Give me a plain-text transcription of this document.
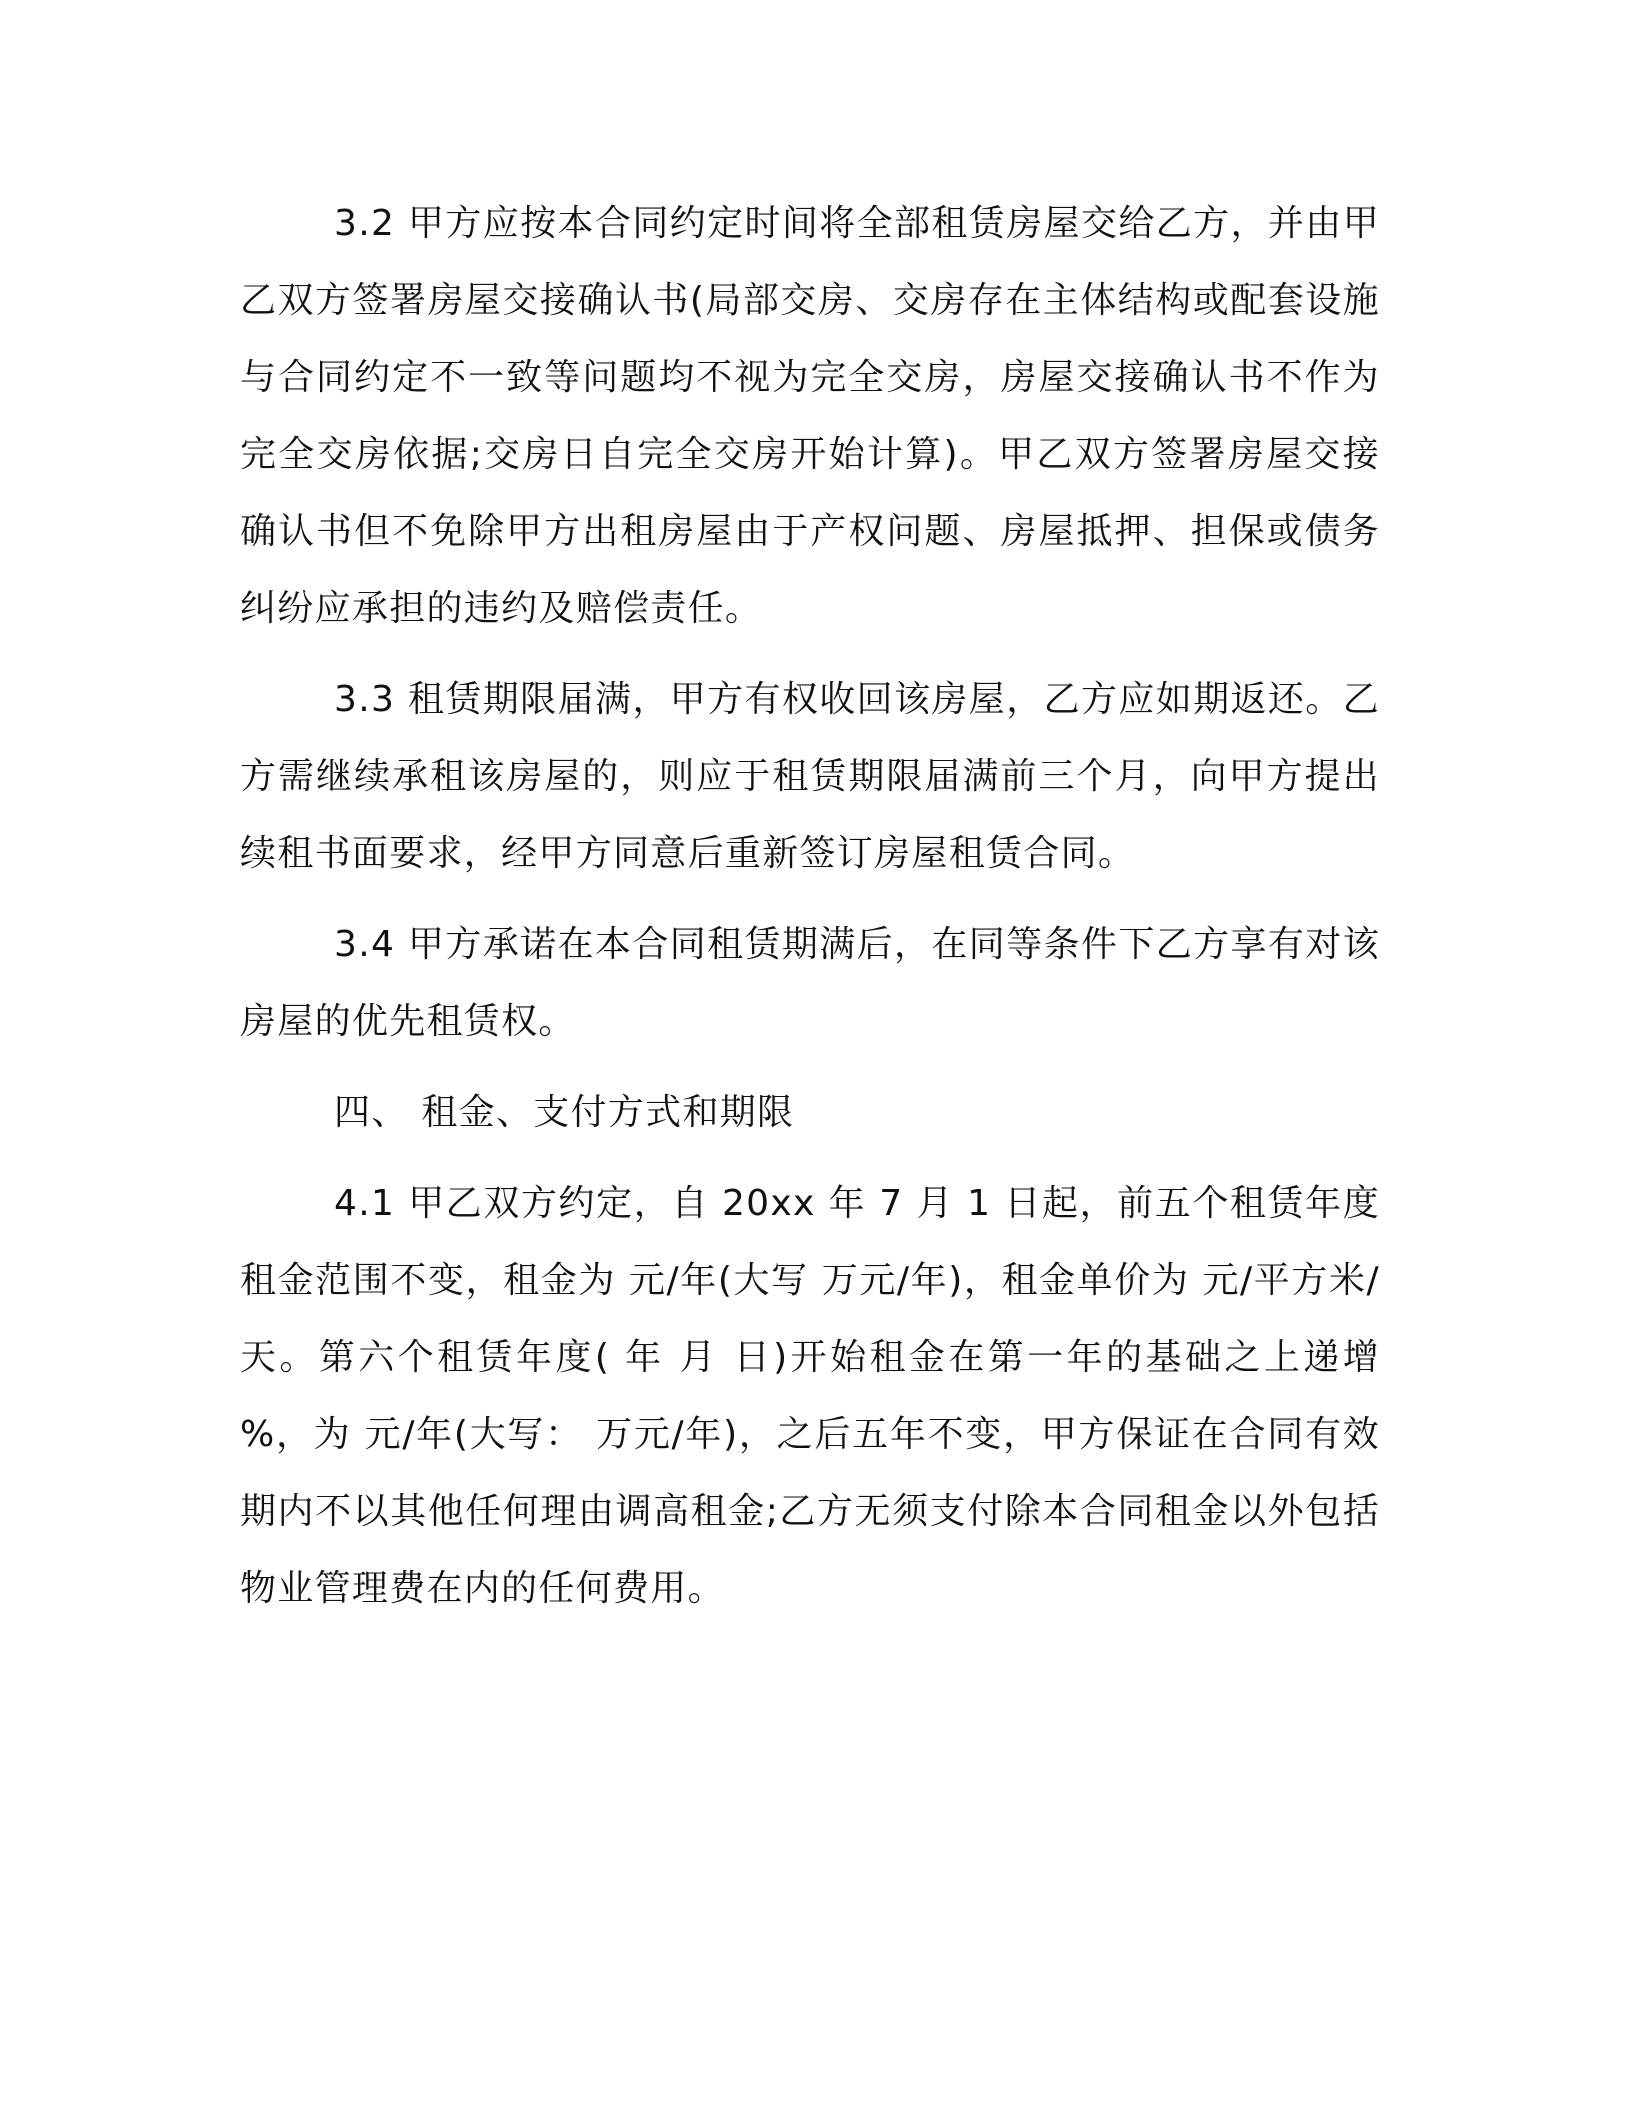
3.2 甲方应按本合同约定时间将全部租赁房屋交给乙方，并由甲乙双方签署房屋交接确认书(局部交房、交房存在主体结构或配套设施与合同约定不一致等问题均不视为完全交房，房屋交接确认书不作为完全交房依据;交房日自完全交房开始计算)。甲乙双方签署房屋交接确认书但不免除甲方出租房屋由于产权问题、房屋抵押、担保或债务纠纷应承担的违约及赔偿责任。

3.3 租赁期限届满，甲方有权收回该房屋，乙方应如期返还。乙方需继续承租该房屋的，则应于租赁期限届满前三个月，向甲方提出续租书面要求，经甲方同意后重新签订房屋租赁合同。

3.4 甲方承诺在本合同租赁期满后，在同等条件下乙方享有对该房屋的优先租赁权。

四、 租金、支付方式和期限

4.1 甲乙双方约定，自 20xx 年 7 月 1 日起，前五个租赁年度租金范围不变，租金为 元/年(大写 万元/年)，租金单价为 元/平方米/天。第六个租赁年度( 年 月 日)开始租金在第一年的基础之上递增 %，为 元/年(大写： 万元/年)，之后五年不变，甲方保证在合同有效期内不以其他任何理由调高租金;乙方无须支付除本合同租金以外包括物业管理费在内的任何费用。
